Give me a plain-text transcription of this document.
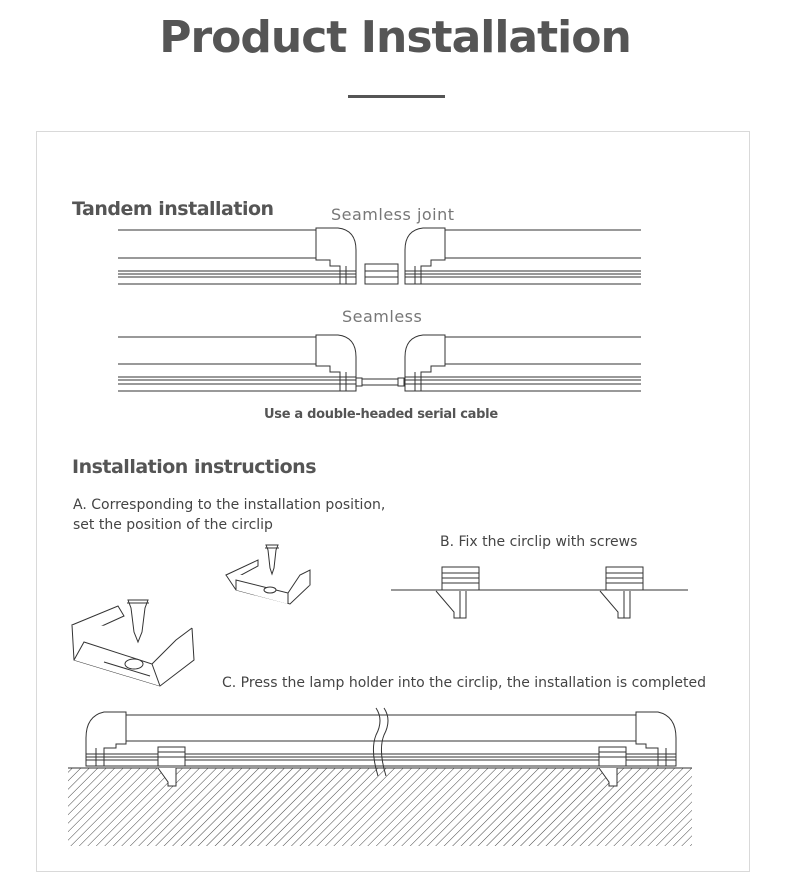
Product Installation
Tandem installation	Seamless joint
Seamless
Use a double-headed serial cable
Installation instructions
A. Corresponding to the installation position,
set the position of the circlip
B. Fix the circlip with screws
C. Press the lamp holder into the circlip, the installation is completed
